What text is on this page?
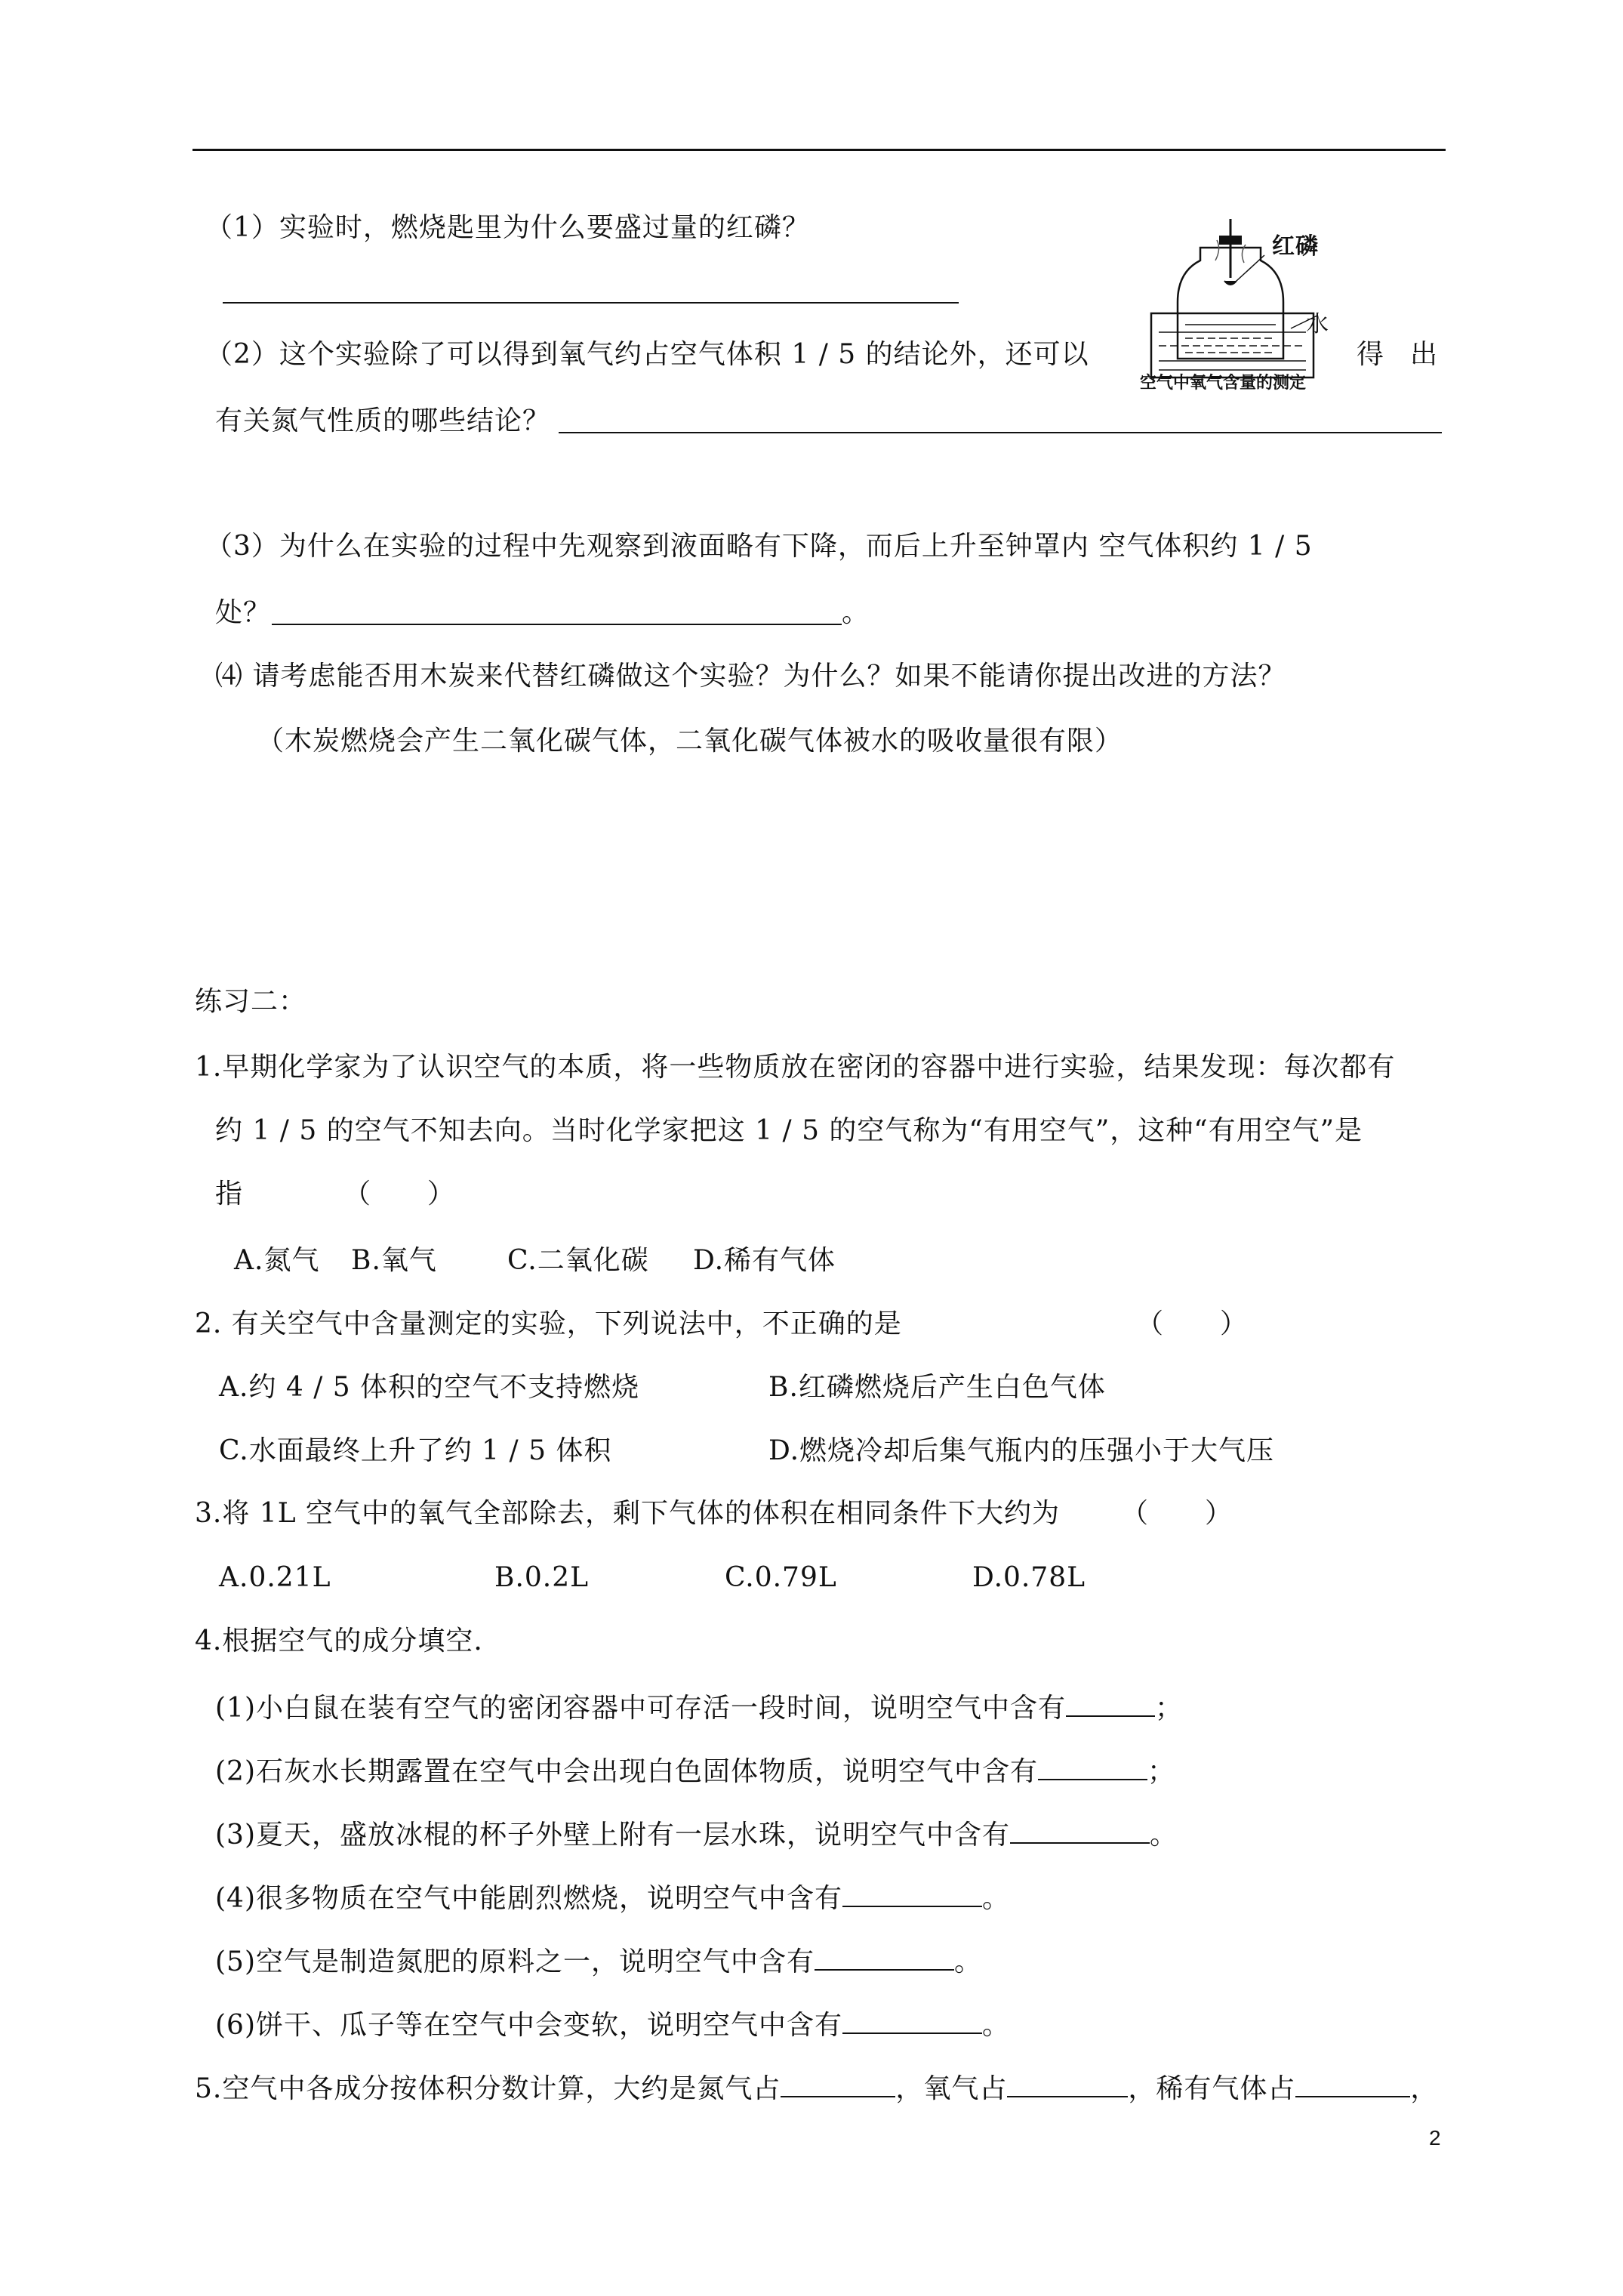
（1）实验时，燃烧匙里为什么要盛过量的红磷？
（2）这个实验除了可以得到氧气约占空气体积 1 / 5 的结论外，还可以	得 出
有关氮气性质的哪些结论？
（3）为什么在实验的过程中先观察到液面略有下降，而后上升至钟罩内 空气体积约 1 / 5
处？	。
⑷ 请考虑能否用木炭来代替红磷做这个实验？为什么？如果不能请你提出改进的方法？
（木炭燃烧会产生二氧化碳气体，二氧化碳气体被水的吸收量很有限）
红磷
水
空气中氧气含量的测定
练习二：
1.早期化学家为了认识空气的本质，将一些物质放在密闭的容器中进行实验，结果发现：每次都有
约 1 / 5 的空气不知去向。当时化学家把这 1 / 5 的空气称为“有用空气”，这种“有用空气”是
指	（　　）
A.氮气 B.氧气	C.二氧化碳 D.稀有气体
2. 有关空气中含量测定的实验，下列说法中，不正确的是	（　　）
A.约 4 / 5 体积的空气不支持燃烧	B.红磷燃烧后产生白色气体
C.水面最终上升了约 1 / 5 体积	D.燃烧冷却后集气瓶内的压强小于大气压
3.将 1L 空气中的氧气全部除去，剩下气体的体积在相同条件下大约为 （　　）
A.0.21L	B.0.2L	C.0.79L	D.0.78L
4.根据空气的成分填空.
(1)小白鼠在装有空气的密闭容器中可存活一段时间，说明空气中含有	；
(2)石灰水长期露置在空气中会出现白色固体物质，说明空气中含有	；
(3)夏天，盛放冰棍的杯子外壁上附有一层水珠，说明空气中含有	。
(4)很多物质在空气中能剧烈燃烧，说明空气中含有	。
(5)空气是制造氮肥的原料之一，说明空气中含有	。
(6)饼干、瓜子等在空气中会变软，说明空气中含有	。
5.空气中各成分按体积分数计算，大约是氮气占	，氧气占	，稀有气体占	，
2
